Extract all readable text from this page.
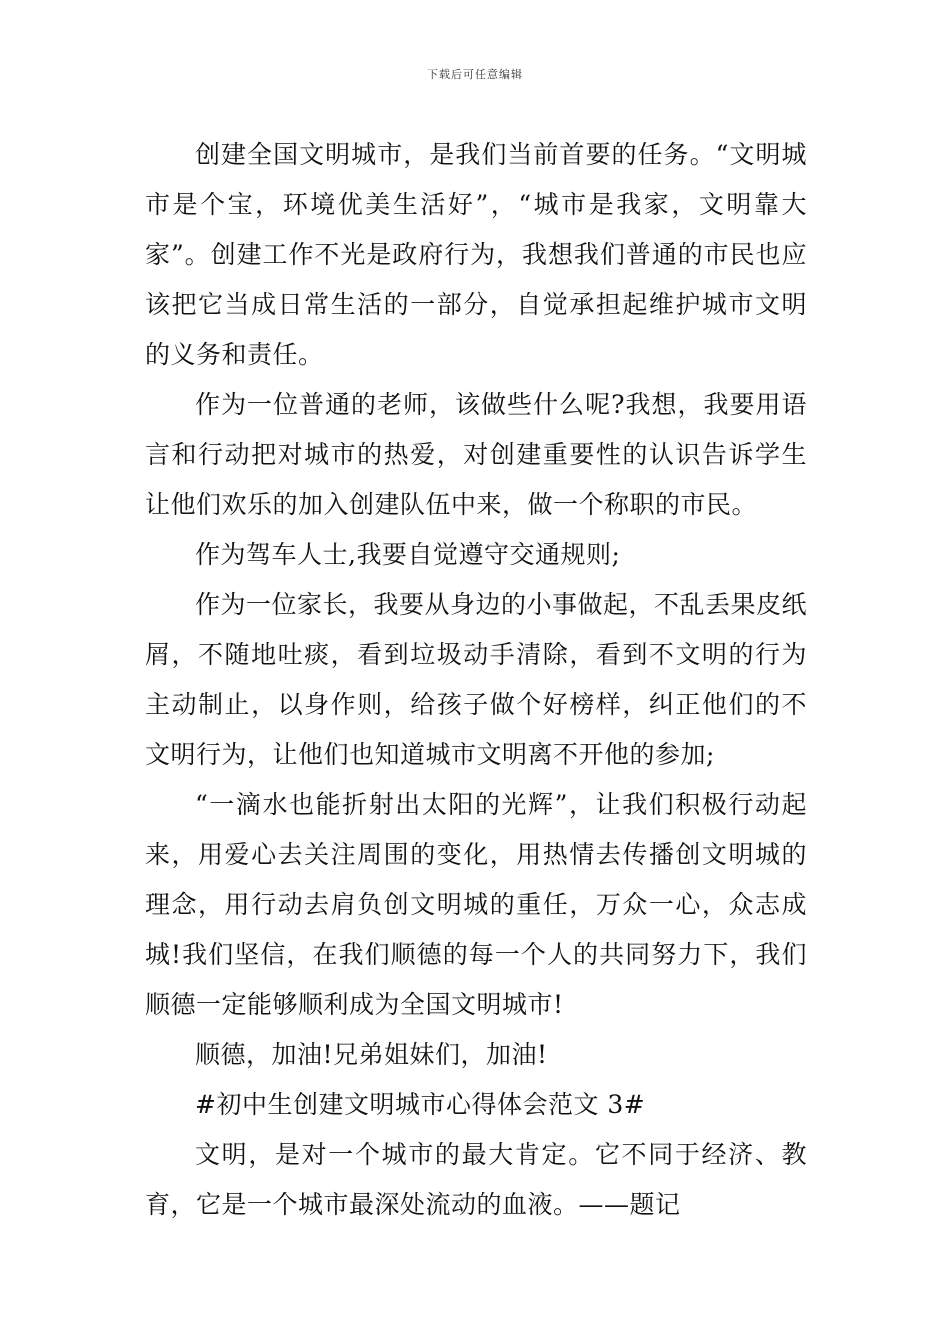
下载后可任意编辑

创建全国文明城市，是我们当前首要的任务。“文明城市是个宝，环境优美生活好”，“城市是我家，文明靠大家”。创建工作不光是政府行为，我想我们普通的市民也应该把它当成日常生活的一部分，自觉承担起维护城市文明的义务和责任。

作为一位普通的老师，该做些什么呢?我想，我要用语言和行动把对城市的热爱，对创建重要性的认识告诉学生让他们欢乐的加入创建队伍中来，做一个称职的市民。

作为驾车人士,我要自觉遵守交通规则;

作为一位家长，我要从身边的小事做起，不乱丢果皮纸屑，不随地吐痰，看到垃圾动手清除，看到不文明的行为主动制止，以身作则，给孩子做个好榜样，纠正他们的不文明行为，让他们也知道城市文明离不开他的参加;

“一滴水也能折射出太阳的光辉”，让我们积极行动起来，用爱心去关注周围的变化，用热情去传播创文明城的理念，用行动去肩负创文明城的重任，万众一心，众志成城!我们坚信，在我们顺德的每一个人的共同努力下，我们顺德一定能够顺利成为全国文明城市!

顺德，加油!兄弟姐妹们，加油!

#初中生创建文明城市心得体会范文 3#

文明，是对一个城市的最大肯定。它不同于经济、教育，它是一个城市最深处流动的血液。——题记
